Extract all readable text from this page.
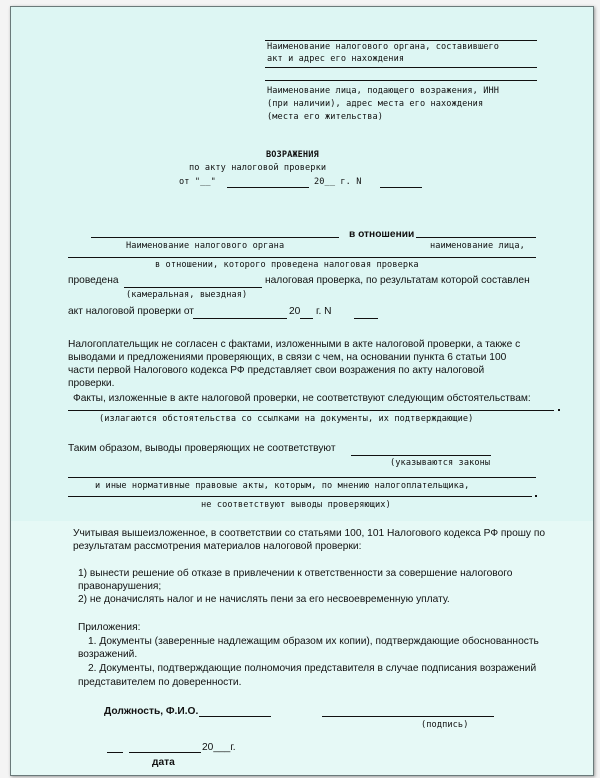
Наименование налогового органа, составившего
акт и адрес его нахождения
Наименование лица, подающего возражения, ИНН
(при наличии), адрес места его нахождения
(места его жительства)
ВОЗРАЖЕНИЯ
по акту налоговой проверки
от "__"	20__ г. N
в отношении
Наименование налогового органа	наименование лица,
в отношении, которого проведена налоговая проверка
проведена	налоговая проверка, по результатам которой составлен
(камеральная, выездная)
акт налоговой проверки от	20 г. N
Налогоплательщик не согласен с фактами, изложенными в акте налоговой проверки, а также с
выводами и предложениями проверяющих, в связи с чем, на основании пункта 6 статьи 100
части первой Налогового кодекса РФ представляет свои возражения по акту налоговой
проверки.
Факты, изложенные в акте налоговой проверки, не соответствуют следующим обстоятельствам:
(излагаются обстоятельства со ссылками на документы, их подтверждающие)
Таким образом, выводы проверяющих не соответствуют
(указываются законы
и иные нормативные правовые акты, которым, по мнению налогоплательщика,
не соответствуют выводы проверяющих)
Учитывая вышеизложенное, в соответствии со статьями 100, 101 Налогового кодекса РФ прошу по
результатам рассмотрения материалов налоговой проверки:
1) вынести решение об отказе в привлечении к ответственности за совершение налогового
правонарушения;
2) не доначислять налог и не начислять пени за его несвоевременную уплату.
Приложения:
1. Документы (заверенные надлежащим образом их копии), подтверждающие обоснованность
возражений.
2. Документы, подтверждающие полномочия представителя в случае подписания возражений
представителем по доверенности.
Должность, Ф.И.О.
(подпись)
20___г.
дата
